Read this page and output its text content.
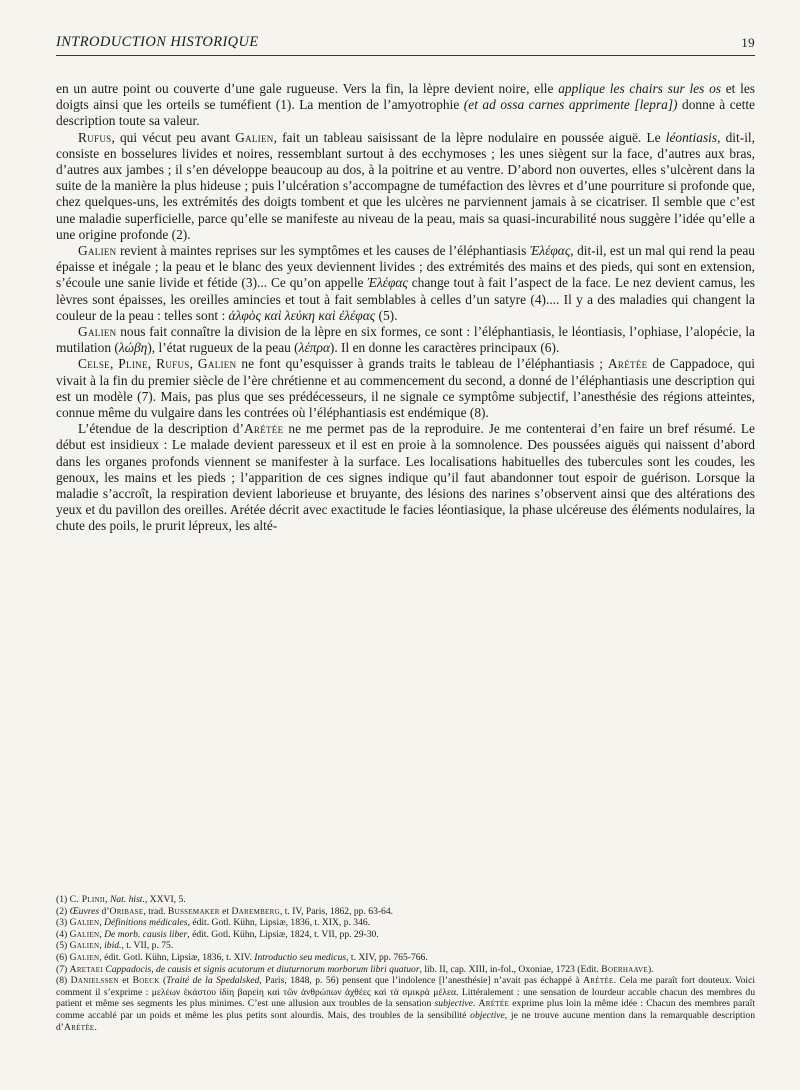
INTRODUCTION HISTORIQUE	19

en un autre point ou couverte d’une gale rugueuse. Vers la fin, la lèpre devient noire, elle applique les chairs sur les os et les doigts ainsi que les orteils se tuméfient (1). La mention de l’amyotrophie (et ad ossa carnes apprimente [lepra]) donne à cette description toute sa valeur.

Rufus, qui vécut peu avant Galien, fait un tableau saisissant de la lèpre nodulaire en poussée aiguë. Le léontiasis, dit-il, consiste en bosselures livides et noires, ressemblant surtout à des ecchymoses ; les unes siègent sur la face, d’autres aux bras, d’autres aux jambes ; il s’en développe beaucoup au dos, à la poitrine et au ventre. D’abord non ouvertes, elles s’ulcèrent dans la suite de la manière la plus hideuse ; puis l’ulcération s’accompagne de tuméfaction des lèvres et d’une pourriture si profonde que, chez quelques-uns, les extrémités des doigts tombent et que les ulcères ne parviennent jamais à se cicatriser. Il semble que c’est une maladie superficielle, parce qu’elle se manifeste au niveau de la peau, mais sa quasi-incurabilité nous suggère l’idée qu’elle a une origine profonde (2).

Galien revient à maintes reprises sur les symptômes et les causes de l’éléphantiasis Ἐλέφας, dit-il, est un mal qui rend la peau épaisse et inégale ; la peau et le blanc des yeux deviennent livides ; des extrémités des mains et des pieds, qui sont en extension, s’écoule une sanie livide et fétide (3)... Ce qu’on appelle Ἐλέφας change tout à fait l’aspect de la face. Le nez devient camus, les lèvres sont épaisses, les oreilles amincies et tout à fait semblables à celles d’un satyre (4).... Il y a des maladies qui changent la couleur de la peau : telles sont : ἀλφὸς καὶ λεύκη καὶ ἐλέφας (5).

Galien nous fait connaître la division de la lèpre en six formes, ce sont : l’éléphantiasis, le léontiasis, l’ophiase, l’alopécie, la mutilation (λώβη), l’état rugueux de la peau (λέπρα). Il en donne les caractères principaux (6).

Celse, Pline, Rufus, Galien ne font qu’esquisser à grands traits le tableau de l’éléphantiasis ; Arétée de Cappadoce, qui vivait à la fin du premier siècle de l’ère chrétienne et au commencement du second, a donné de l’éléphantiasis une description qui est un modèle (7). Mais, pas plus que ses prédécesseurs, il ne signale ce symptôme subjectif, l’anesthésie des régions atteintes, connue même du vulgaire dans les contrées où l’éléphantiasis est endémique (8).

L’étendue de la description d’Arétée ne me permet pas de la reproduire. Je me contenterai d’en faire un bref résumé. Le début est insidieux : Le malade devient paresseux et il est en proie à la somnolence. Des poussées aiguës qui naissent d’abord dans les organes profonds viennent se manifester à la surface. Les localisations habituelles des tubercules sont les coudes, les genoux, les mains et les pieds ; l’apparition de ces signes indique qu’il faut abandonner tout espoir de guérison. Lorsque la maladie s’accroît, la respiration devient laborieuse et bruyante, des lésions des narines s’observent ainsi que des altérations des yeux et du pavillon des oreilles. Arétée décrit avec exactitude le facies léontiasique, la phase ulcéreuse des éléments nodulaires, la chute des poils, le prurit lépreux, les alté-

(1) C. Plinii, Nat. hist., XXVI, 5.
(2) Œuvres d’Oribase, trad. Bussemaker et Daremberg, t. IV, Paris, 1862, pp. 63-64.
(3) Galien, Définitions médicales, édit. Gotl. Kühn, Lipsiæ, 1836, t. XIX, p. 346.
(4) Galien, De morb. causis liber, édit. Gotl. Kühn, Lipsiæ, 1824, t. VII, pp. 29-30.
(5) Galien, ibid., t. VII, p. 75.
(6) Galien, édit. Gotl. Kühn, Lipsiæ, 1836, t. XIV. Introductio seu medicus, t. XIV, pp. 765-766.
(7) Aretaei Cappadocis, de causis et signis acutorum et diuturnorum morborum libri quatuor, lib. II, cap. XIII, in-fol., Oxoniae, 1723 (Edit. Boerhaave).
(8) Danielssen et Boeck (Traité de la Spedalsked, Paris, 1848, p. 56) pensent que l’indolence [l’anesthésie] n’avait pas échappé à Arétée. Cela me paraît fort douteux. Voici comment il s’exprime : μελέων ἑκάστου ἰδίη βαρείη καὶ τῶν ἀνθρώπων ἀχθέες καὶ τὰ σμικρὰ μέλεα. Littéralement : une sensation de lourdeur accable chacun des membres du patient et même ses segments les plus minimes. C’est une allusion aux troubles de la sensation subjective. Arétée exprime plus loin la même idée : Chacun des membres paraît comme accablé par un poids et même les plus petits sont alourdis. Mais, des troubles de la sensibilité objective, je ne trouve aucune mention dans la remarquable description d’Arétée.
